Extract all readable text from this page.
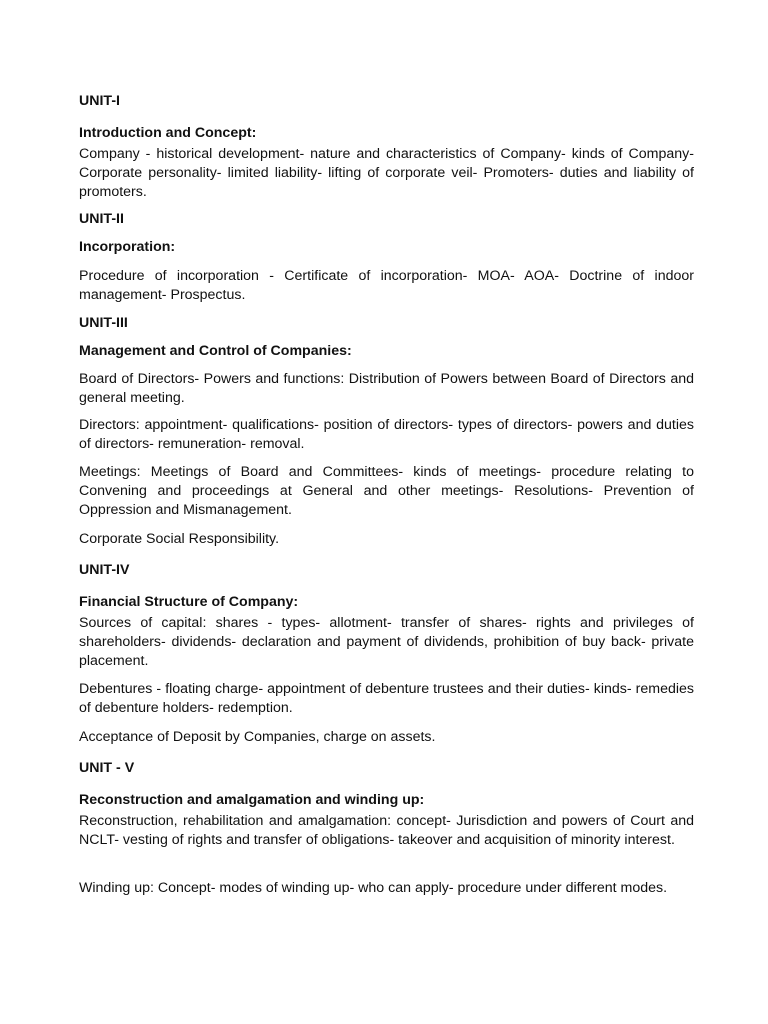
UNIT-I
Introduction and Concept:

Company - historical development- nature and characteristics of Company- kinds of Company- Corporate personality- limited liability- lifting of corporate veil- Promoters- duties and liability of promoters.

UNIT-II
Incorporation:

Procedure of incorporation - Certificate of incorporation- MOA- AOA- Doctrine of indoor management- Prospectus.

UNIT-III
Management and Control of Companies:

Board of Directors- Powers and functions: Distribution of Powers between Board of Directors and general meeting.

Directors: appointment- qualifications- position of directors- types of directors- powers and duties of directors- remuneration- removal.

Meetings: Meetings of Board and Committees- kinds of meetings- procedure relating to Convening and proceedings at General and other meetings- Resolutions- Prevention of Oppression and Mismanagement.

Corporate Social Responsibility.

UNIT-IV
Financial Structure of Company:

Sources of capital: shares - types- allotment- transfer of shares- rights and privileges of shareholders- dividends- declaration and payment of dividends, prohibition of buy back- private placement.

Debentures - floating charge- appointment of debenture trustees and their duties- kinds- remedies of debenture holders- redemption.

Acceptance of Deposit by Companies, charge on assets.

UNIT - V
Reconstruction and amalgamation and winding up:

Reconstruction, rehabilitation and amalgamation: concept- Jurisdiction and powers of Court and NCLT- vesting of rights and transfer of obligations- takeover and acquisition of minority interest.

Winding up: Concept- modes of winding up- who can apply- procedure under different modes.
